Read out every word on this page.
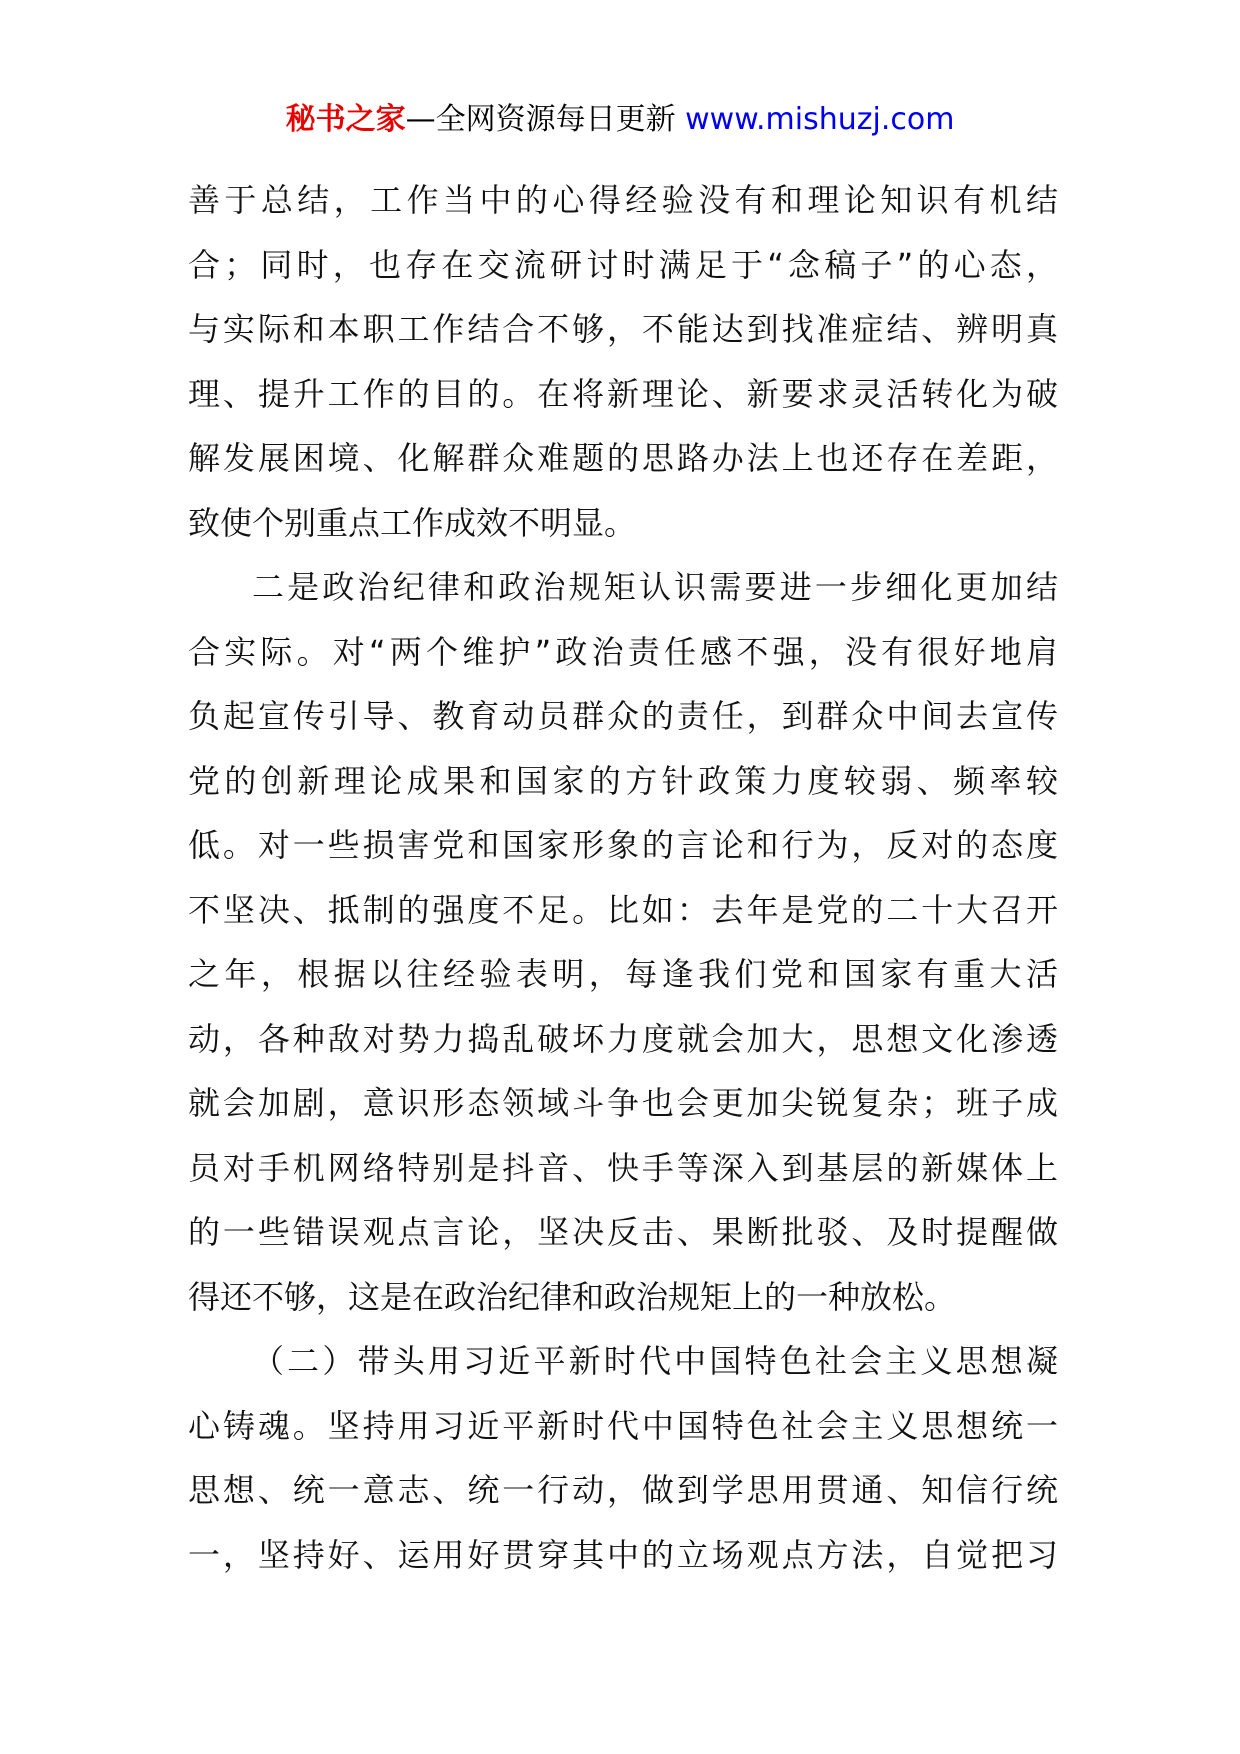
秘书之家—全网资源每日更新 www.mishuzj.com
善于总结，工作当中的心得经验没有和理论知识有机结
合；同时，也存在交流研讨时满足于“念稿子”的心态，
与实际和本职工作结合不够，不能达到找准症结、辨明真
理、提升工作的目的。在将新理论、新要求灵活转化为破
解发展困境、化解群众难题的思路办法上也还存在差距，
致使个别重点工作成效不明显。
二是政治纪律和政治规矩认识需要进一步细化更加结
合实际。对“两个维护”政治责任感不强，没有很好地肩
负起宣传引导、教育动员群众的责任，到群众中间去宣传
党的创新理论成果和国家的方针政策力度较弱、频率较
低。对一些损害党和国家形象的言论和行为，反对的态度
不坚决、抵制的强度不足。比如：去年是党的二十大召开
之年，根据以往经验表明，每逢我们党和国家有重大活
动，各种敌对势力捣乱破坏力度就会加大，思想文化渗透
就会加剧，意识形态领域斗争也会更加尖锐复杂；班子成
员对手机网络特别是抖音、快手等深入到基层的新媒体上
的一些错误观点言论，坚决反击、果断批驳、及时提醒做
得还不够，这是在政治纪律和政治规矩上的一种放松。
（二）带头用习近平新时代中国特色社会主义思想凝
心铸魂。坚持用习近平新时代中国特色社会主义思想统一
思想、统一意志、统一行动，做到学思用贯通、知信行统
一，坚持好、运用好贯穿其中的立场观点方法，自觉把习
